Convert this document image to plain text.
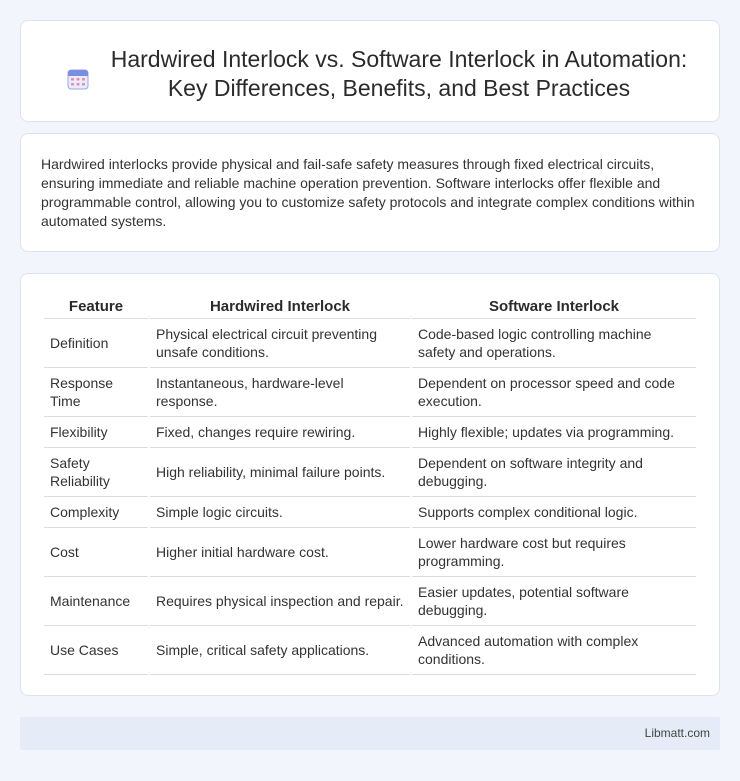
Hardwired Interlock vs. Software Interlock in Automation: Key Differences, Benefits, and Best Practices

Hardwired interlocks provide physical and fail-safe safety measures through fixed electrical circuits, ensuring immediate and reliable machine operation prevention. Software interlocks offer flexible and programmable control, allowing you to customize safety protocols and integrate complex conditions within automated systems.

Feature	Hardwired Interlock	Software Interlock
Definition	Physical electrical circuit preventing unsafe conditions.	Code-based logic controlling machine safety and operations.
Response Time	Instantaneous, hardware-level response.	Dependent on processor speed and code execution.
Flexibility	Fixed, changes require rewiring.	Highly flexible; updates via programming.
Safety Reliability	High reliability, minimal failure points.	Dependent on software integrity and debugging.
Complexity	Simple logic circuits.	Supports complex conditional logic.
Cost	Higher initial hardware cost.	Lower hardware cost but requires programming.
Maintenance	Requires physical inspection and repair.	Easier updates, potential software debugging.
Use Cases	Simple, critical safety applications.	Advanced automation with complex conditions.
Libmatt.com
